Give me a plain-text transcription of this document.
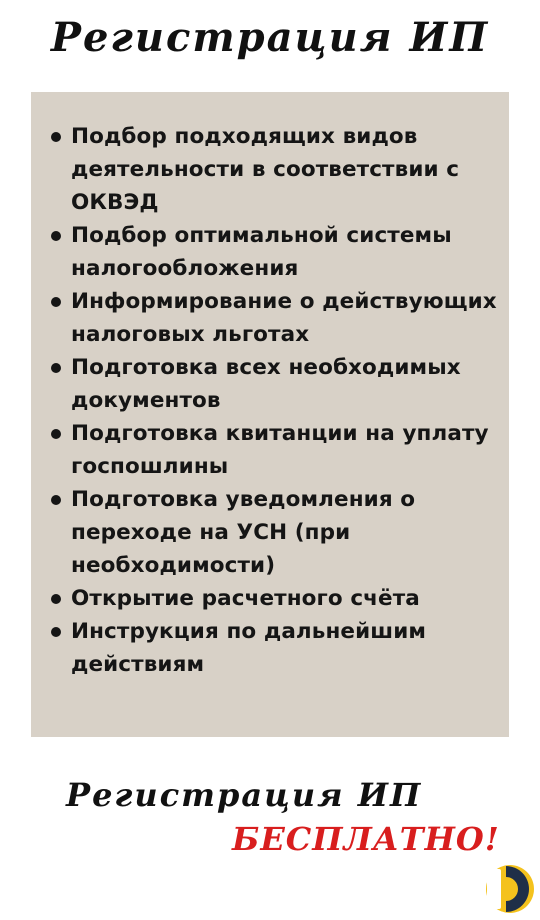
Регистрация ИП
Подбор подходящих видов деятельности в соответствии с ОКВЭД
Подбор оптимальной системы налогообложения
Информирование о действующих налоговых льготах
Подготовка всех необходимых документов
Подготовка квитанции на уплату госпошлины
Подготовка уведомления о переходе на УСН (при необходимости)
Открытие расчетного счёта
Инструкция по дальнейшим действиям
Регистрация ИП
БЕСПЛАТНО!
